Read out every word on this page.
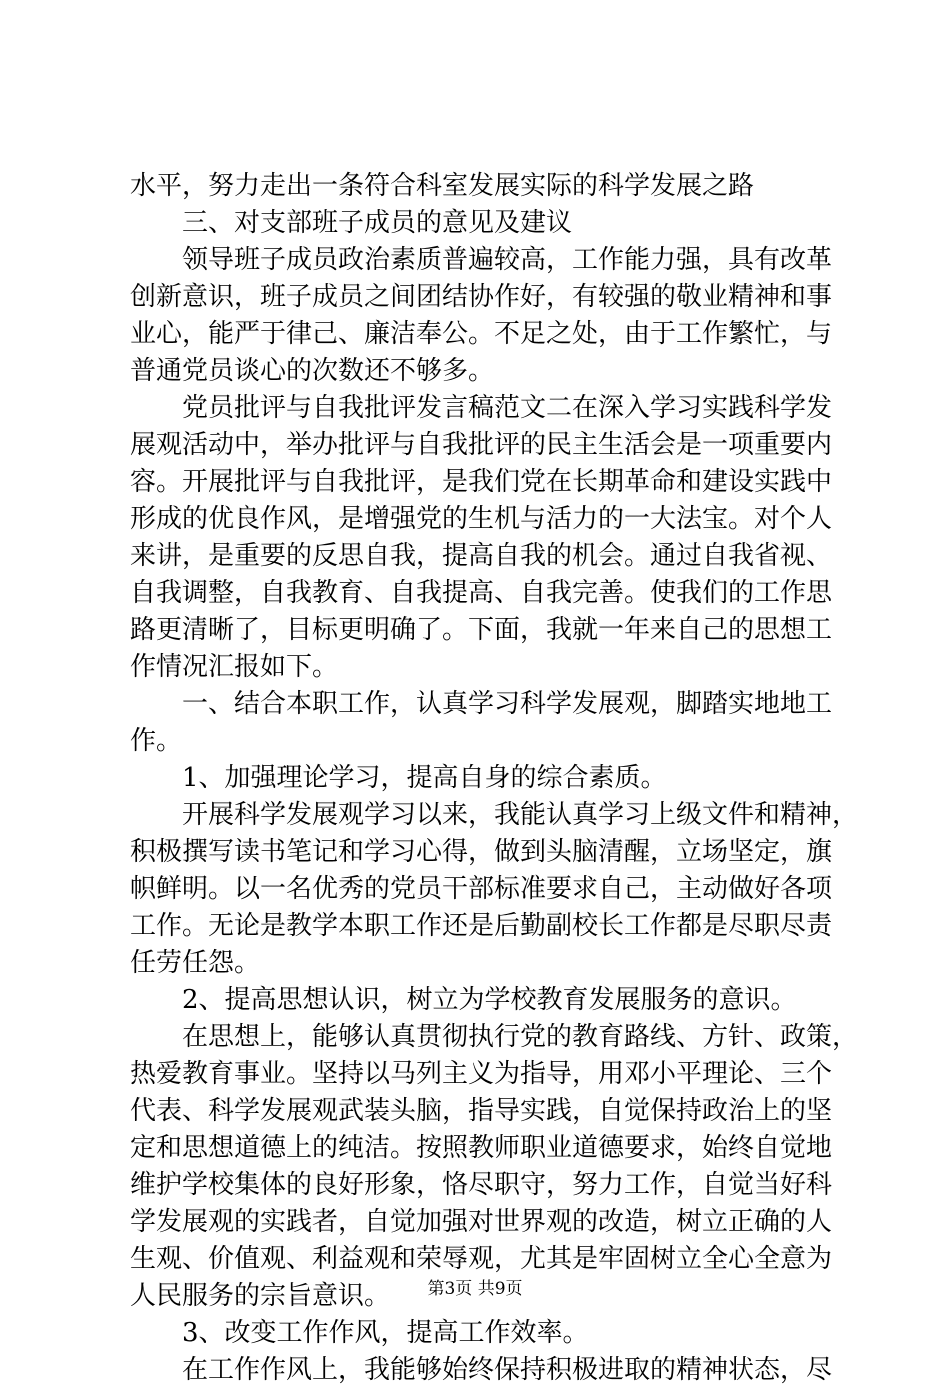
水平，努力走出一条符合科室发展实际的科学发展之路
三、对支部班子成员的意见及建议
领导班子成员政治素质普遍较高，工作能力强，具有改革
创新意识，班子成员之间团结协作好，有较强的敬业精神和事
业心，能严于律己、廉洁奉公。不足之处，由于工作繁忙，与
普通党员谈心的次数还不够多。
党员批评与自我批评发言稿范文二在深入学习实践科学发
展观活动中，举办批评与自我批评的民主生活会是一项重要内
容。开展批评与自我批评，是我们党在长期革命和建设实践中
形成的优良作风，是增强党的生机与活力的一大法宝。对个人
来讲，是重要的反思自我，提高自我的机会。通过自我省视、
自我调整，自我教育、自我提高、自我完善。使我们的工作思
路更清晰了，目标更明确了。下面，我就一年来自己的思想工
作情况汇报如下。
一、结合本职工作，认真学习科学发展观，脚踏实地地工
作。
1、加强理论学习，提高自身的综合素质。
开展科学发展观学习以来，我能认真学习上级文件和精神，
积极撰写读书笔记和学习心得，做到头脑清醒，立场坚定，旗
帜鲜明。以一名优秀的党员干部标准要求自己，主动做好各项
工作。无论是教学本职工作还是后勤副校长工作都是尽职尽责
任劳任怨。
2、提高思想认识，树立为学校教育发展服务的意识。
在思想上，能够认真贯彻执行党的教育路线、方针、政策，
热爱教育事业。坚持以马列主义为指导，用邓小平理论、三个
代表、科学发展观武装头脑，指导实践，自觉保持政治上的坚
定和思想道德上的纯洁。按照教师职业道德要求，始终自觉地
维护学校集体的良好形象，恪尽职守，努力工作，自觉当好科
学发展观的实践者，自觉加强对世界观的改造，树立正确的人
生观、价值观、利益观和荣辱观，尤其是牢固树立全心全意为
人民服务的宗旨意识。
3、改变工作作风，提高工作效率。
在工作作风上，我能够始终保持积极进取的精神状态，尽
第3页 共9页
